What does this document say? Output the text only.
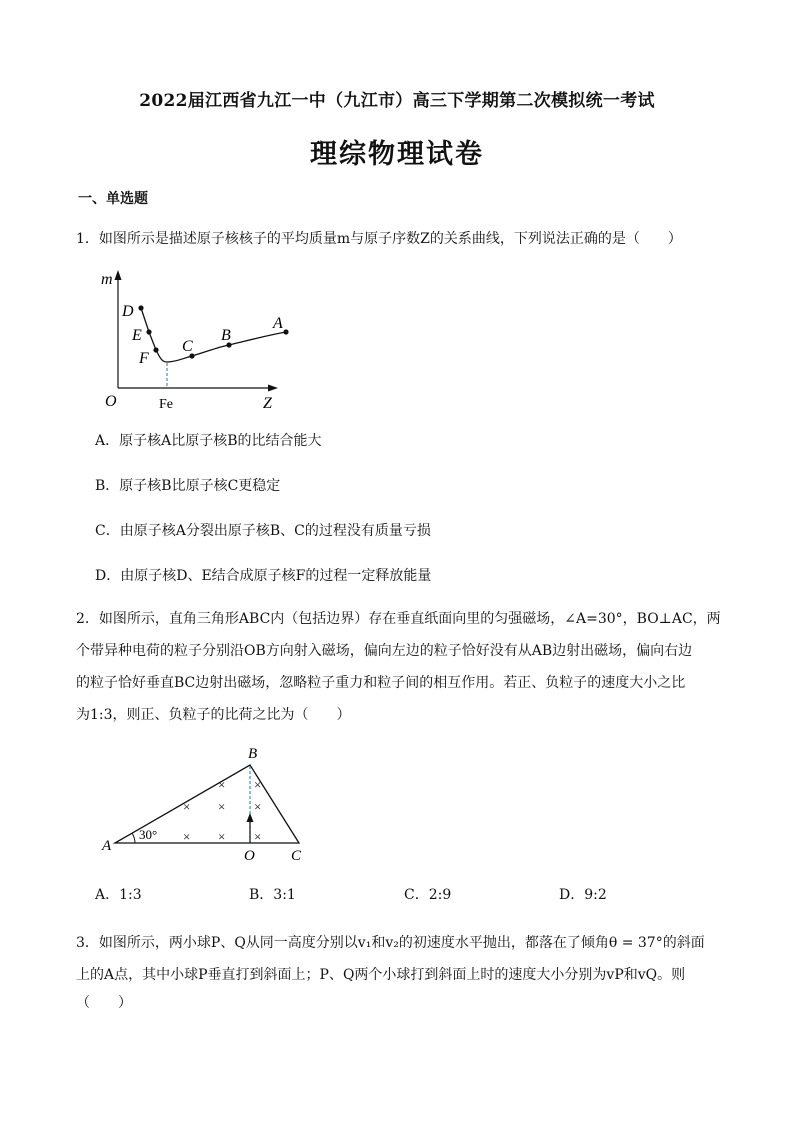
2022届江西省九江一中（九江市）高三下学期第二次模拟统一考试
理综物理试卷
一、单选题
1．如图所示是描述原子核核子的平均质量m与原子序数Z的关系曲线，下列说法正确的是（　　）
m
D
E
F
C
B
A
O	Fe	Z
A．原子核A比原子核B的比结合能大
B．原子核B比原子核C更稳定
C．由原子核A分裂出原子核B、C的过程没有质量亏损
D．由原子核D、E结合成原子核F的过程一定释放能量
2．如图所示，直角三角形ABC内（包括边界）存在垂直纸面向里的匀强磁场，∠A=30°，BO⊥AC，两
个带异种电荷的粒子分别沿OB方向射入磁场，偏向左边的粒子恰好没有从AB边射出磁场，偏向右边
的粒子恰好垂直BC边射出磁场，忽略粒子重力和粒子间的相互作用。若正、负粒子的速度大小之比
为1:3，则正、负粒子的比荷之比为（　　）
30°
× ×
× ×
×
× × ×
A
B
C
O
A．1:3	B．3:1	C．2:9	D．9:2
3．如图所示，两小球P、Q从同一高度分别以v₁和v₂的初速度水平抛出，都落在了倾角θ = 37°的斜面
上的A点，其中小球P垂直打到斜面上；P、Q两个小球打到斜面上时的速度大小分别为vP和vQ。则
（　　）
